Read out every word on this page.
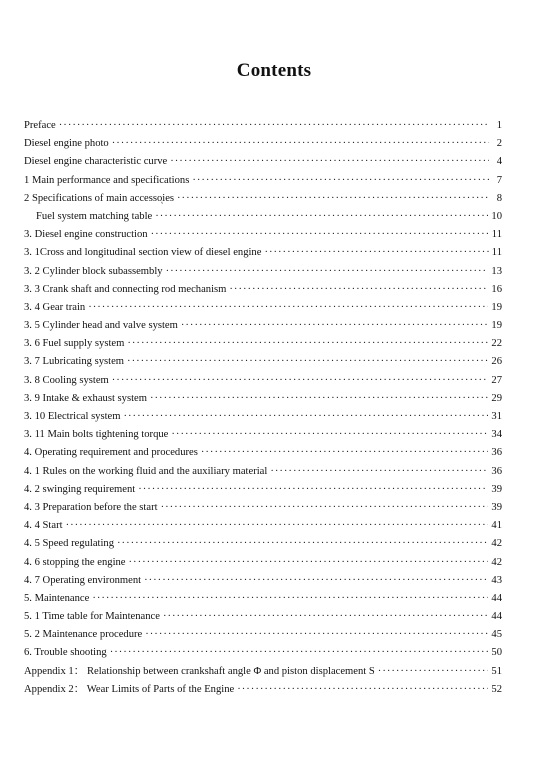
Contents
Preface ·····	1
Diesel engine photo ·····	2
Diesel engine characteristic curve ·····	4
1 Main performance and specifications ·····	7
2 Specifications of main accessoͅies ·····	8
Fuel system matching table ·····	10
3. Diesel engine construction ·····	11
3. 1Cross and longitudinal section view of diesel engine ·····	11
3. 2 Cylinder block subassembly ·····	13
3. 3 Crank shaft and connecting rod mechanism ·····	16
3. 4 Gear train ·····	19
3. 5 Cylinder head and valve system ·····	19
3. 6 Fuel supply system ·····	22
3. 7 Lubricating system ·····	26
3. 8 Cooling system ·····	27
3. 9 Intake & exhaust system ·····	29
3. 10 Electrical system ·····	31
3. 11 Main bolts tightening torque ·····	34
4. Operating requirement and procedures ·····	36
4. 1 Rules on the working fluid and the auxiliary material ·····	36
4. 2 swinging requirement ·····	39
4. 3 Preparation before the start ·····	39
4. 4 Start ·····	41
4. 5 Speed regulating ·····	42
4. 6 stopping the engine ·····	42
4. 7 Operating environment ·····	43
5. Maintenance ·····	44
5. 1 Time table for Maintenance ·····	44
5. 2 Maintenance procedure ·····	45
6. Trouble shooting ·····	50
Appendix 1： Relationship between crankshaft angle Φ and piston displacement S ·····	51
Appendix 2： Wear Limits of Parts of the Engine ·····	52
